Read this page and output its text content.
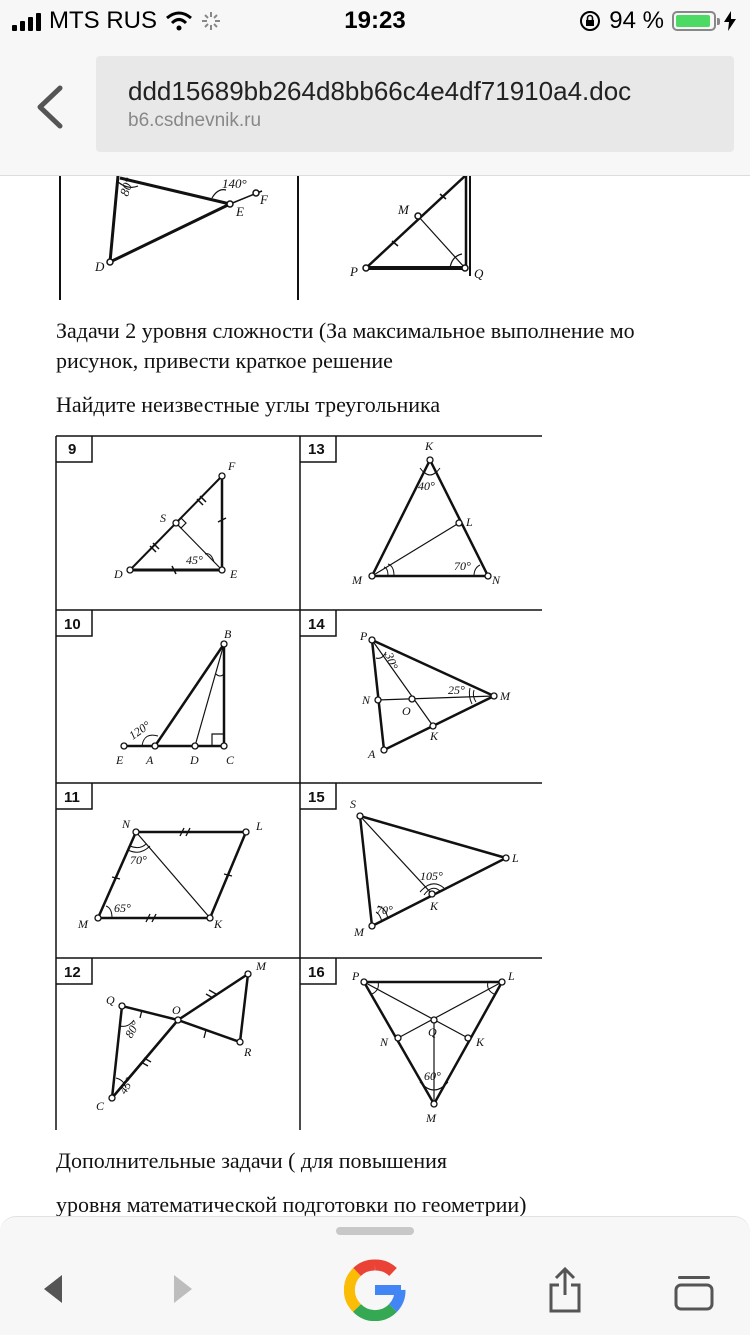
MTS RUS	19:23	94 %
ddd15689bb264d8bb66c4e4df71910a4.doc
b6.csdnevnik.ru
80°	140°
D
E
F
M
P	Q
Задачи 2 уровня сложности (За максимальное выполнение мо
рисунок, привести краткое решение
Найдите неизвестные углы треугольника
9	13
10	14
11	15
12	16
F
S
D	E
45°
K
L
M	N
40°
70°
B
E A	D C
120°
P
N
O
M
K
A
30°
25°
N	L
M	K
70°
65°
S
L
K
M
105°
70°
M
Q
O
R
C
80°
45°
P	L
Q
N	K
M
60°
Дополнительные задачи ( для повышения
уровня математической подготовки по геометрии)
